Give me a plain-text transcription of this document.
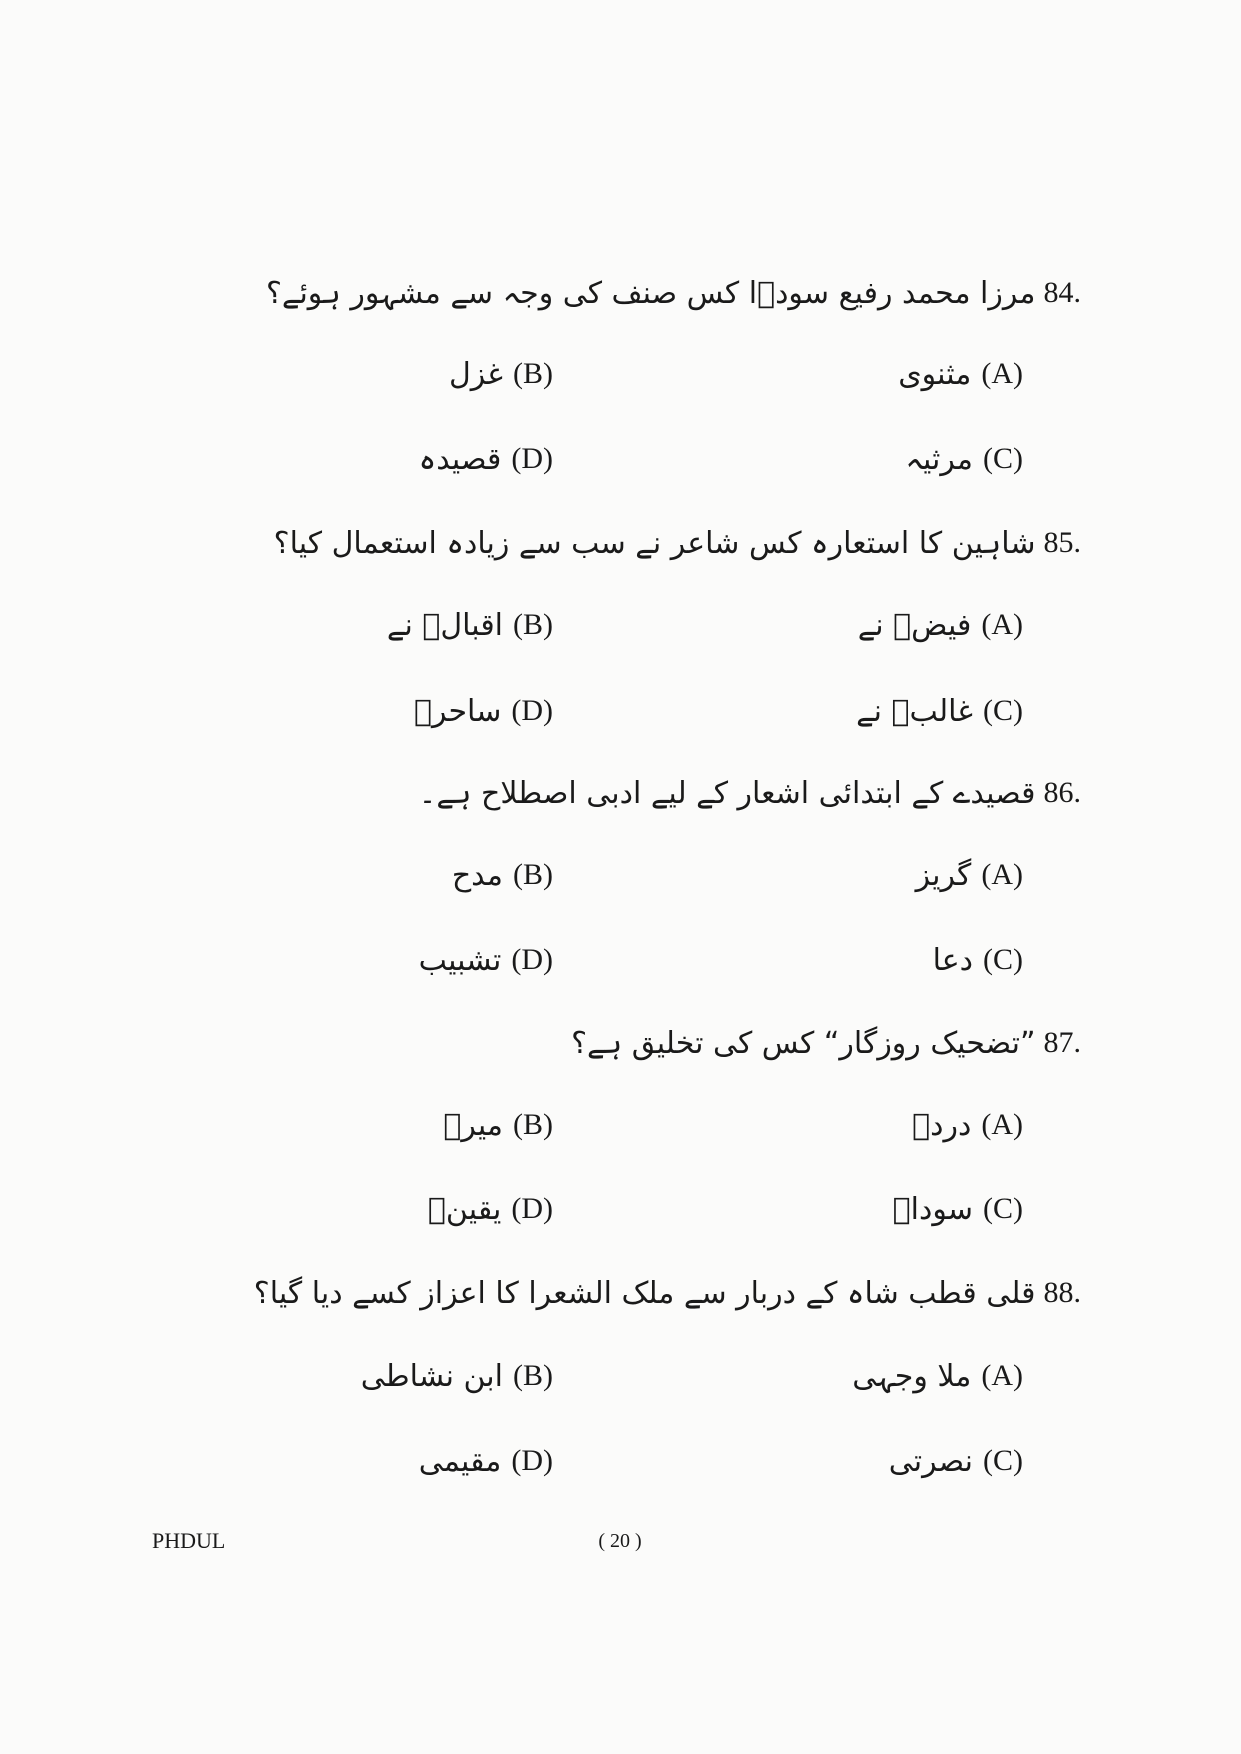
مرزا محمد رفیع سودؔا کس صنف کی وجہ سے مشہور ہوئے؟ 84.
مثنوی (A)
غزل (B)
مرثیہ (C)
قصیدہ (D)
شاہین کا استعارہ کس شاعر نے سب سے زیادہ استعمال کیا؟ 85.
فیضؔ نے (A)
اقبالؔ نے (B)
غالبؔ نے (C)
ساحرؔ (D)
قصیدے کے ابتدائی اشعار کے لیے ادبی اصطلاح ہے۔ 86.
گریز (A)
مدح (B)
دعا (C)
تشبیب (D)
”تضحیک روزگار“ کس کی تخلیق ہے؟ 87.
دردؔ (A)
میرؔ (B)
سوداؔ (C)
یقینؔ (D)
قلی قطب شاہ کے دربار سے ملک الشعرا کا اعزاز کسے دیا گیا؟ 88.
ملا وجہی (A)
ابن نشاطی (B)
نصرتی (C)
مقیمی (D)
PHDUL	( 20 )
